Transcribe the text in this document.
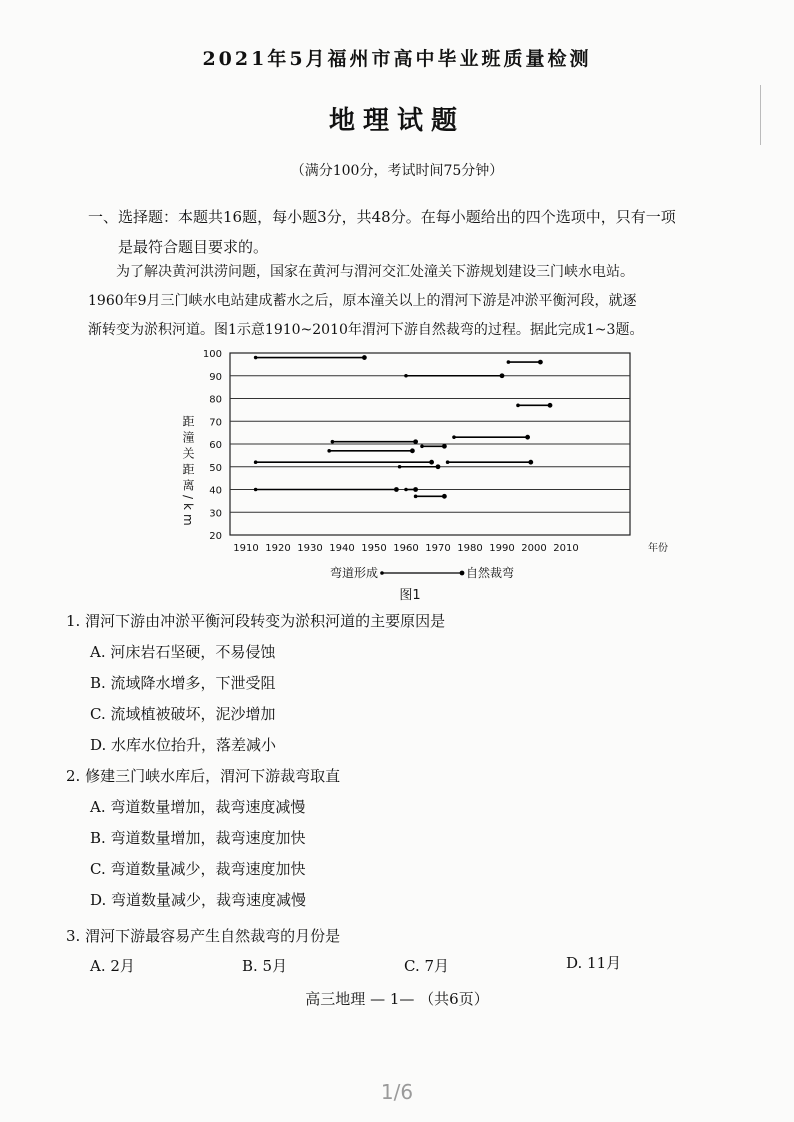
2021年5月福州市高中毕业班质量检测
地理试题
（满分100分，考试时间75分钟）
一、选择题：本题共16题，每小题3分，共48分。在每小题给出的四个选项中，只有一项
是最符合题目要求的。

为了解决黄河洪涝问题，国家在黄河与渭河交汇处潼关下游规划建设三门峡水电站。

1960年9月三门峡水电站建成蓄水之后，原本潼关以上的渭河下游是冲淤平衡河段，就逐

渐转变为淤积河道。图1示意1910~2010年渭河下游自然裁弯的过程。据此完成1~3题。

20
30
40
50
60
70
80
90
100
1910 1920 1930 1940 1950 1960 1970 1980 1990 2000 2010	年份
距潼关距离/km
弯道形成	自然裁弯
图1
1. 渭河下游由冲淤平衡河段转变为淤积河道的主要原因是
A. 河床岩石坚硬，不易侵蚀
B. 流域降水增多，下泄受阻
C. 流域植被破坏，泥沙增加
D. 水库水位抬升，落差减小
2. 修建三门峡水库后，渭河下游裁弯取直
A. 弯道数量增加，裁弯速度减慢
B. 弯道数量增加，裁弯速度加快
C. 弯道数量减少，裁弯速度加快
D. 弯道数量减少，裁弯速度减慢
3. 渭河下游最容易产生自然裁弯的月份是
A. 2月	B. 5月	C. 7月	D. 11月
高三地理 — 1— （共6页）
1/6
